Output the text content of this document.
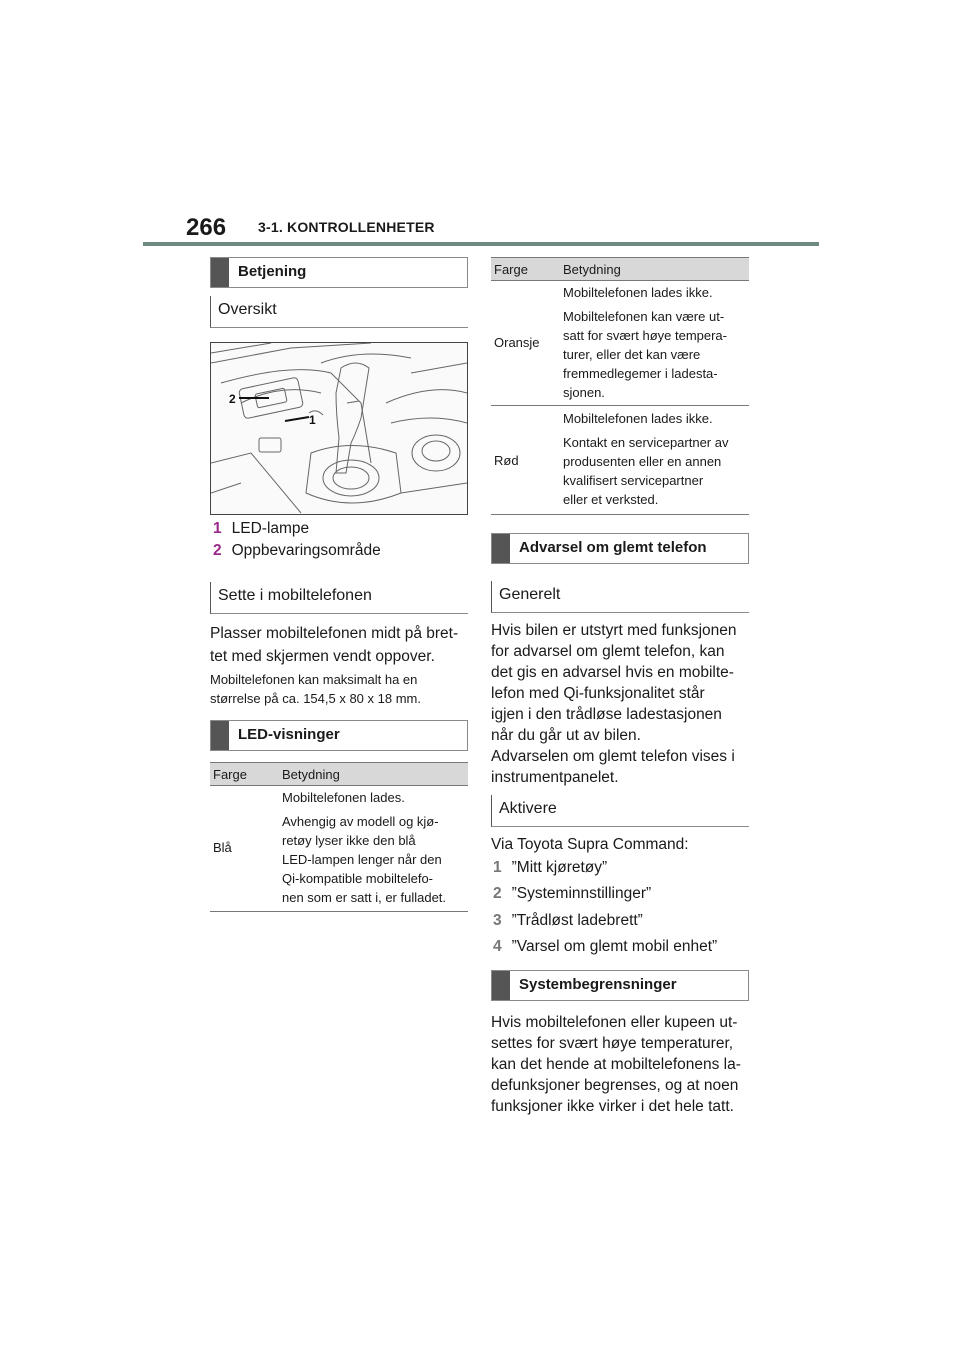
266 3-1. KONTROLLENHETER
Betjening
Oversikt
2
1
1 LED-lampe
2 Oppbevaringsområde
Sette i mobiltelefonen
Plasser mobiltelefonen midt på bret-
tet med skjermen vendt oppover.
Mobiltelefonen kan maksimalt ha en
størrelse på ca. 154,5 x 80 x 18 mm.
LED-visninger
Farge	Betydning
Blå
Mobiltelefonen lades.
Avhengig av modell og kjø-
retøy lyser ikke den blå
LED-lampen lenger når den
Qi-kompatible mobiltelefo-
nen som er satt i, er fulladet.
Farge	Betydning
Oransje
Mobiltelefonen lades ikke.
Mobiltelefonen kan være ut-
satt for svært høye tempera-
turer, eller det kan være
fremmedlegemer i ladesta-
sjonen.
Rød
Mobiltelefonen lades ikke.
Kontakt en servicepartner av
produsenten eller en annen
kvalifisert servicepartner
eller et verksted.
Advarsel om glemt telefon
Generelt
Hvis bilen er utstyrt med funksjonen
for advarsel om glemt telefon, kan
det gis en advarsel hvis en mobilte-
lefon med Qi-funksjonalitet står
igjen i den trådløse ladestasjonen
når du går ut av bilen.
Advarselen om glemt telefon vises i
instrumentpanelet.
Aktivere
Via Toyota Supra Command:
1 ”Mitt kjøretøy”
2 ”Systeminnstillinger”
3 ”Trådløst ladebrett”
4 ”Varsel om glemt mobil enhet”
Systembegrensninger
Hvis mobiltelefonen eller kupeen ut-
settes for svært høye temperaturer,
kan det hende at mobiltelefonens la-
defunksjoner begrenses, og at noen
funksjoner ikke virker i det hele tatt.
